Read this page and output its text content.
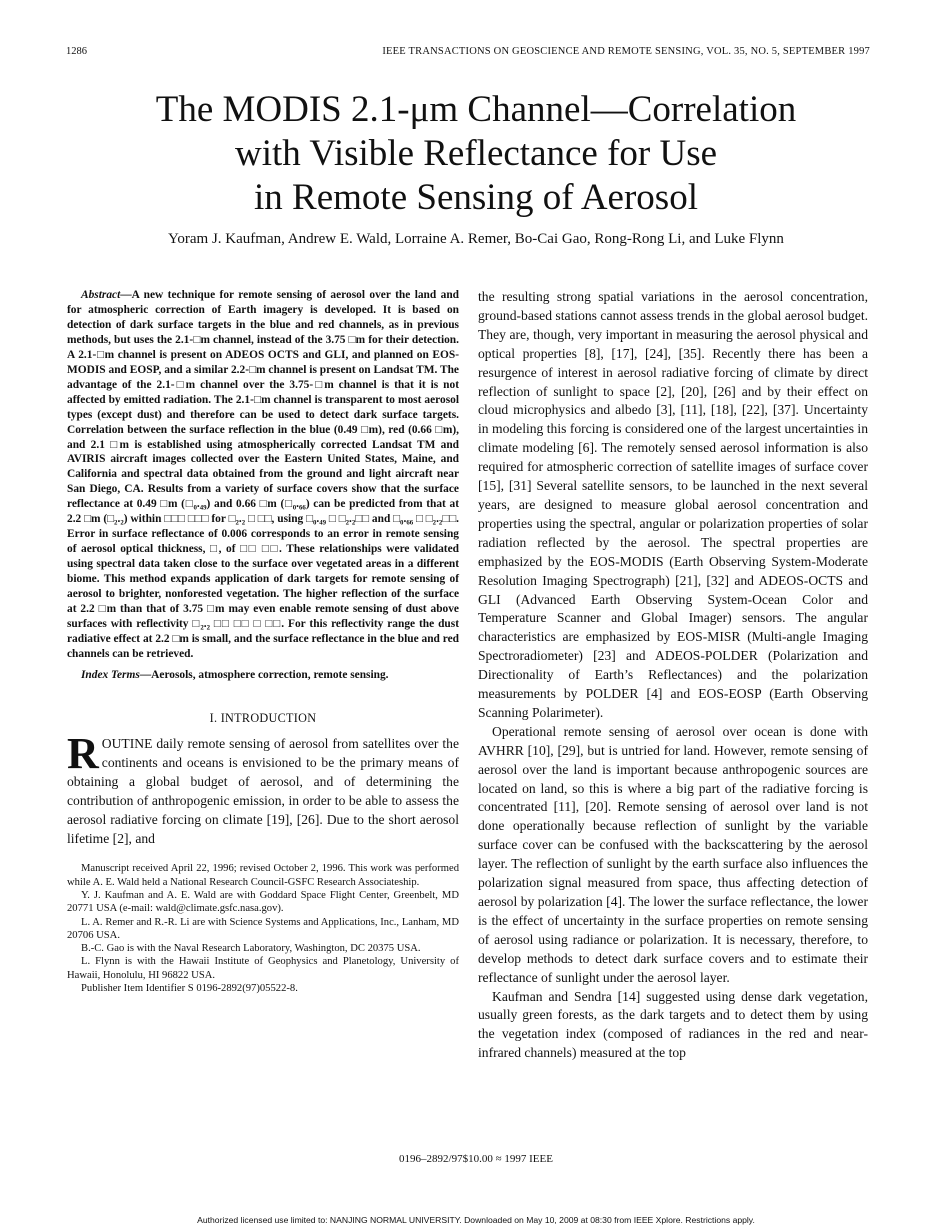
1286	IEEE TRANSACTIONS ON GEOSCIENCE AND REMOTE SENSING, VOL. 35, NO. 5, SEPTEMBER 1997
The MODIS 2.1-μm Channel—Correlation
with Visible Reflectance for Use
in Remote Sensing of Aerosol
Yoram J. Kaufman, Andrew E. Wald, Lorraine A. Remer, Bo-Cai Gao, Rong-Rong Li, and Luke Flynn

Abstract—A new technique for remote sensing of aerosol over the land and for atmospheric correction of Earth imagery is developed. It is based on detection of dark surface targets in the blue and red channels, as in previous methods, but uses the 2.1-□m channel, instead of the 3.75 □m for their detection. A 2.1-□m channel is present on ADEOS OCTS and GLI, and planned on EOS-MODIS and EOSP, and a similar 2.2-□m channel is present on Landsat TM. The advantage of the 2.1-□m channel over the 3.75-□m channel is that it is not affected by emitted radiation. The 2.1-□m channel is transparent to most aerosol types (except dust) and therefore can be used to detect dark surface targets. Correlation between the surface reflection in the blue (0.49 □m), red (0.66 □m), and 2.1 □m is established using atmospherically corrected Landsat TM and AVIRIS aircraft images collected over the Eastern United States, Maine, and California and spectral data obtained from the ground and light aircraft near San Diego, CA. Results from a variety of surface covers show that the surface reflectance at 0.49 □m (□₀.₄₉) and 0.66 □m (□₀.₆₆) can be predicted from that at 2.2 □m (□₂.₂) within □□□ □□□ for □₂.₂ □ □□, using □₀.₄₉ □ □₂.₂□□ and □₀.₆₆ □ □₂.₂□□. Error in surface reflectance of 0.006 corresponds to an error in remote sensing of aerosol optical thickness, □, of □□ □□. These relationships were validated using spectral data taken close to the surface over vegetated areas in a different biome. This method expands application of dark targets for remote sensing of aerosol to brighter, nonforested vegetation. The higher reflection of the surface at 2.2 □m than that of 3.75 □m may even enable remote sensing of dust above surfaces with reflectivity □₂.₂ □□ □□ □ □□. For this reflectivity range the dust radiative effect at 2.2 □m is small, and the surface reflectance in the blue and red channels can be retrieved.

Index Terms—Aerosols, atmosphere correction, remote sensing.

I. INTRODUCTION

ROUTINE daily remote sensing of aerosol from satellites over the continents and oceans is envisioned to be the primary means of obtaining a global budget of aerosol, and of determining the contribution of anthropogenic emission, in order to be able to assess the aerosol radiative forcing on climate [19], [26]. Due to the short aerosol lifetime [2], and

Manuscript received April 22, 1996; revised October 2, 1996. This work was performed while A. E. Wald held a National Research Council-GSFC Research Associateship.

Y. J. Kaufman and A. E. Wald are with Goddard Space Flight Center, Greenbelt, MD 20771 USA (e-mail: wald@climate.gsfc.nasa.gov).

L. A. Remer and R.-R. Li are with Science Systems and Applications, Inc., Lanham, MD 20706 USA.

B.-C. Gao is with the Naval Research Laboratory, Washington, DC 20375 USA.

L. Flynn is with the Hawaii Institute of Geophysics and Planetology, University of Hawaii, Honolulu, HI 96822 USA.

Publisher Item Identifier S 0196-2892(97)05522-8.

the resulting strong spatial variations in the aerosol concentration, ground-based stations cannot assess trends in the global aerosol budget. They are, though, very important in measuring the aerosol physical and optical properties [8], [17], [24], [35]. Recently there has been a resurgence of interest in aerosol radiative forcing of climate by direct reflection of sunlight to space [2], [20], [26] and by their effect on cloud microphysics and albedo [3], [11], [18], [22], [37]. Uncertainty in modeling this forcing is considered one of the largest uncertainties in climate modeling [6]. The remotely sensed aerosol information is also required for atmospheric correction of satellite images of surface cover [15], [31] Several satellite sensors, to be launched in the next several years, are designed to measure global aerosol concentration and properties using the spectral, angular or polarization properties of solar radiation reflected by the aerosol. The spectral properties are emphasized by the EOS-MODIS (Earth Observing System-Moderate Resolution Imaging Spectrograph) [21], [32] and ADEOS-OCTS and GLI (Advanced Earth Observing System-Ocean Color and Temperature Scanner and Global Imager) sensors. The angular characteristics are emphasized by EOS-MISR (Multi-angle Imaging Spectroradiometer) [23] and ADEOS-POLDER (Polarization and Directionality of Earth’s Reflectances) and the polarization measurements by POLDER [4] and EOS-EOSP (Earth Observing Scanning Polarimeter).

Operational remote sensing of aerosol over ocean is done with AVHRR [10], [29], but is untried for land. However, remote sensing of aerosol over the land is important because anthropogenic sources are located on land, so this is where a big part of the radiative forcing is concentrated [11], [20]. Remote sensing of aerosol over land is not done operationally because reflection of sunlight by the variable surface cover can be confused with the backscattering by the aerosol layer. The reflection of sunlight by the earth surface also influences the polarization signal measured from space, thus affecting detection of aerosol by polarization [4]. The lower the surface reflectance, the lower is the effect of uncertainty in the surface properties on remote sensing of aerosol using radiance or polarization. It is necessary, therefore, to develop methods to detect dark surface covers and to estimate their reflectance of sunlight under the aerosol layer.

Kaufman and Sendra [14] suggested using dense dark vegetation, usually green forests, as the dark targets and to detect them by using the vegetation index (composed of radiances in the red and near-infrared channels) measured at the top

0196–2892/97$10.00 ≈ 1997 IEEE
Authorized licensed use limited to: NANJING NORMAL UNIVERSITY. Downloaded on May 10, 2009 at 08:30 from IEEE Xplore. Restrictions apply.
